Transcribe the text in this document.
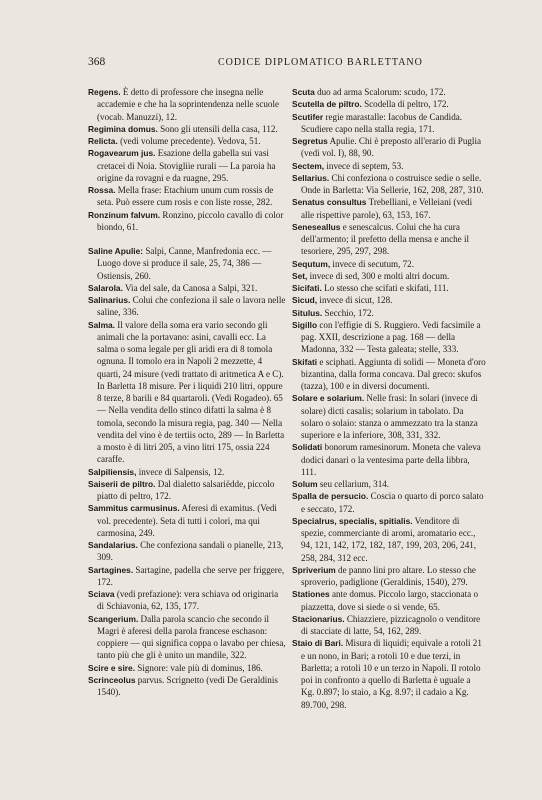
368	CODICE DIPLOMATICO BARLETTANO

Regens. È detto di professore che insegna nelle accademie e che ha la soprintendenza nelle scuole (vocab. Manuzzi), 12.

Regimina domus. Sono gli utensili della casa, 112.

Relicta. (vedi volume precedente). Vedova, 51.

Rogavearum jus. Esazione della gabella sui vasi cretacei di Noia. Stovigliie rurali — La paroia ha origine da rovagni e da ruagne, 295.

Rossa. Mella frase: Etachium unum cum rossis de seta. Può essere cum rosis e con liste rosse, 282.

Ronzinum falvum. Ronzino, piccolo cavallo di color biondo, 61.

Saline Apulie: Salpi, Canne, Manfredonia ecc. — Luogo dove si produce il sale, 25, 74, 386 — Ostiensis, 260.

Salarola. Via del sale, da Canosa a Salpi, 321.

Salinarius. Colui che confeziona il sale o lavora nelle saline, 336.

Salma. Il valore della soma era vario secondo gli animali che la portavano: asini, cavalli ecc. La salma o soma legale per gli aridi era di 8 tomola ognuna. Il tomolo era in Napoli 2 mezzette, 4 quarti, 24 misure (vedi trattato di aritmetica A e C). In Barletta 18 misure. Per i liquidi 210 litri, oppure 8 terze, 8 barili e 84 quartaroli. (Vedi Rogadeo). 65 — Nella vendita dello stinco difatti la salma è 8 tomola, secondo la misura regia, pag. 340 — Nella vendita del vino è de tertiis octo, 289 — In Barletta a mosto è di litri 205, a vino litri 175, ossia 224 caraffe.

Salpiliensis, invece di Salpensis, 12.

Saiserii de piltro. Dal dialetto salsariëdde, piccolo piatto di peltro, 172.

Sammitus carmusinus. Aferesi di examitus. (Vedi vol. precedente). Seta di tutti i colori, ma qui carmosina, 249.

Sandalarius. Che confeziona sandali o pianelle, 213, 309.

Sartagines. Sartagine, padella che serve per friggere, 172.

Sciava (vedi prefazione): vera schiava od originaria di Schiavonia, 62, 135, 177.

Scangerium. Dalla parola scancio che secondo il Magri è aferesi della parola francese eschason: coppiere — qui significa coppa o lavabo per chiesa, tanto più che gli è unito un mandile, 322.

Scire e sire. Signore: vale più di dominus, 186.

Scrinceolus parvus. Scrignetto (vedi De Geraldinis 1540).

Scuta duo ad arma Scalorum: scudo, 172.

Scutella de piltro. Scodella di peltro, 172.

Scutifer regie marastalle: Iacobus de Candida. Scudiere capo nella stalla regia, 171.

Segretus Apulie. Chi è preposto all'erario di Puglia (vedi vol. I), 88, 90.

Sectem, invece di septem, 53.

Sellarius. Chi confeziona o costruisce sedie o selle. Onde in Barletta: Via Sellerie, 162, 208, 287, 310.

Senatus consultus Trebelliani, e Velleiani (vedi alle rispettive parole), 63, 153, 167.

Seneseallus e senescalcus. Colui che ha cura dell'armento; il prefetto della mensa e anche il tesoriere, 295, 297, 298.

Sequtum, invece di secutum, 72.

Set, invece di sed, 300 e molti altri docum.

Sicifati. Lo stesso che scifati e skifati, 111.

Sicud, invece di sicut, 128.

Situlus. Secchio, 172.

Sigillo con l'effigie di S. Ruggiero. Vedi facsimile a pag. XXII, descrizione a pag. 168 — della Madonna, 332 — Testa galeata; stelle, 333.

Skifati e sciphati. Aggiunta di solidi — Moneta d'oro bizantina, dalla forma concava. Dal greco: skufos (tazza), 100 e in diversi documenti.

Solare e solarium. Nelle frasi: In solari (invece di solare) dicti casalis; solarium in tabolato. Da solaro o solaio: stanza o ammezzato tra la stanza superiore e la inferiore, 308, 331, 332.

Solidati bonorum ramesinorum. Moneta che valeva dodici danari o la ventesima parte della libbra, 111.

Solum seu cellarium, 314.

Spalla de persucio. Coscia o quarto di porco salato e seccato, 172.

Specialrus, specialis, spitialis. Venditore di spezie, commerciante di aromi, aromatario ecc., 94, 121, 142, 172, 182, 187, 199, 203, 206, 241, 258, 284, 312 ecc.

Spriverium de panno lini pro altare. Lo stesso che sproverio, padiglione (Geraldinis, 1540), 279.

Stationes ante domus. Piccolo largo, staccionata o piazzetta, dove si siede o si vende, 65.

Stacionarius. Chiazziere, pizzicagnolo o venditore di stacciate di latte, 54, 162, 289.

Staio di Bari. Misura di liquidi; equivale a rotoli 21 e un nono, in Bari; a rotoli 10 e due terzi, in Barletta; a rotoli 10 e un terzo in Napoli. Il rotolo poi in confronto a quello di Barletta è uguale a Kg. 0.897; lo staio, a Kg. 8.97; il cadaio a Kg. 89.700, 298.
